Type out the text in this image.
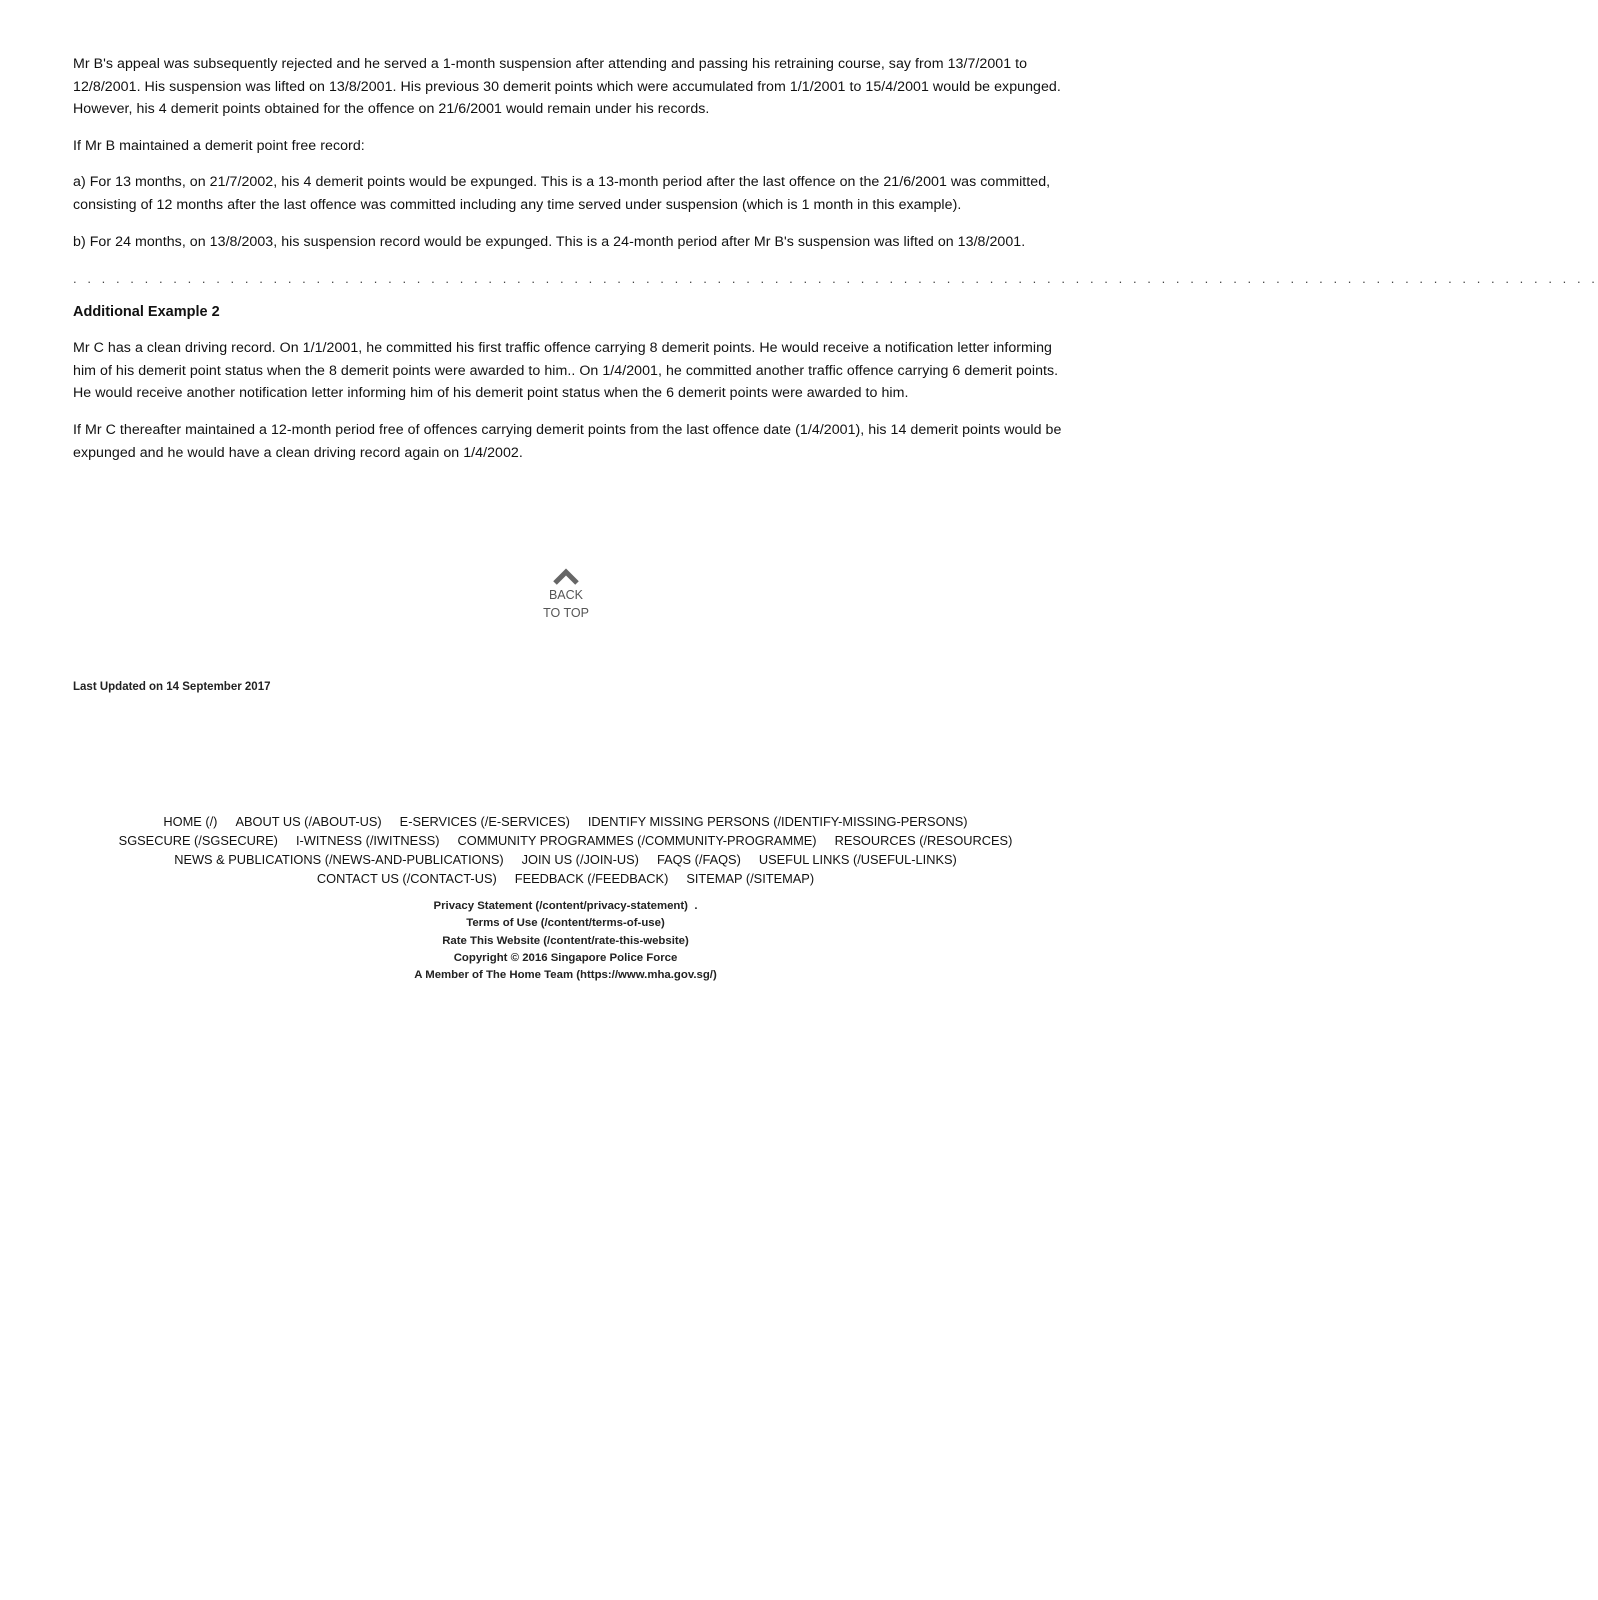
Mr B's appeal was subsequently rejected and he served a 1-month suspension after attending and passing his retraining course, say from 13/7/2001 to 12/8/2001. His suspension was lifted on 13/8/2001. His previous 30 demerit points which were accumulated from 1/1/2001 to 15/4/2001 would be expunged. However, his 4 demerit points obtained for the offence on 21/6/2001 would remain under his records.

If Mr B maintained a demerit point free record:

a) For 13 months, on 21/7/2002, his 4 demerit points would be expunged. This is a 13-month period after the last offence on the 21/6/2001 was committed, consisting of 12 months after the last offence was committed including any time served under suspension (which is 1 month in this example).

b) For 24 months, on 13/8/2003, his suspension record would be expunged. This is a 24-month period after Mr B's suspension was lifted on 13/8/2001.

. . . . . . . . . . . . . . . . . . . . . . . . . . . . . . . . . . . . . . . . . . . . . . . . . . . . . . . . . . . . . . . . . . . . . . . . . . . . . . . . . . . . . . . . . . . . . . . . . . . . . . . . . . .
Additional Example 2

Mr C has a clean driving record. On 1/1/2001, he committed his first traffic offence carrying 8 demerit points. He would receive a notification letter informing him of his demerit point status when the 8 demerit points were awarded to him.. On 1/4/2001, he committed another traffic offence carrying 6 demerit points. He would receive another notification letter informing him of his demerit point status when the 6 demerit points were awarded to him.

If Mr C thereafter maintained a 12-month period free of offences carrying demerit points from the last offence date (1/4/2001), his 14 demerit points would be expunged and he would have a clean driving record again on 1/4/2002.

BACK
TO TOP
Last Updated on 14 September 2017
HOME (/) ABOUT US (/ABOUT-US) E-SERVICES (/E-SERVICES) IDENTIFY MISSING PERSONS (/IDENTIFY-MISSING-PERSONS)
SGSECURE (/SGSECURE) I-WITNESS (/IWITNESS) COMMUNITY PROGRAMMES (/COMMUNITY-PROGRAMME) RESOURCES (/RESOURCES)
NEWS & PUBLICATIONS (/NEWS-AND-PUBLICATIONS) JOIN US (/JOIN-US) FAQS (/FAQS) USEFUL LINKS (/USEFUL-LINKS)
CONTACT US (/CONTACT-US) FEEDBACK (/FEEDBACK) SITEMAP (/SITEMAP)
Privacy Statement (/content/privacy-statement)  .
Terms of Use (/content/terms-of-use)
Rate This Website (/content/rate-this-website)
Copyright © 2016 Singapore Police Force
A Member of The Home Team (https://www.mha.gov.sg/)
